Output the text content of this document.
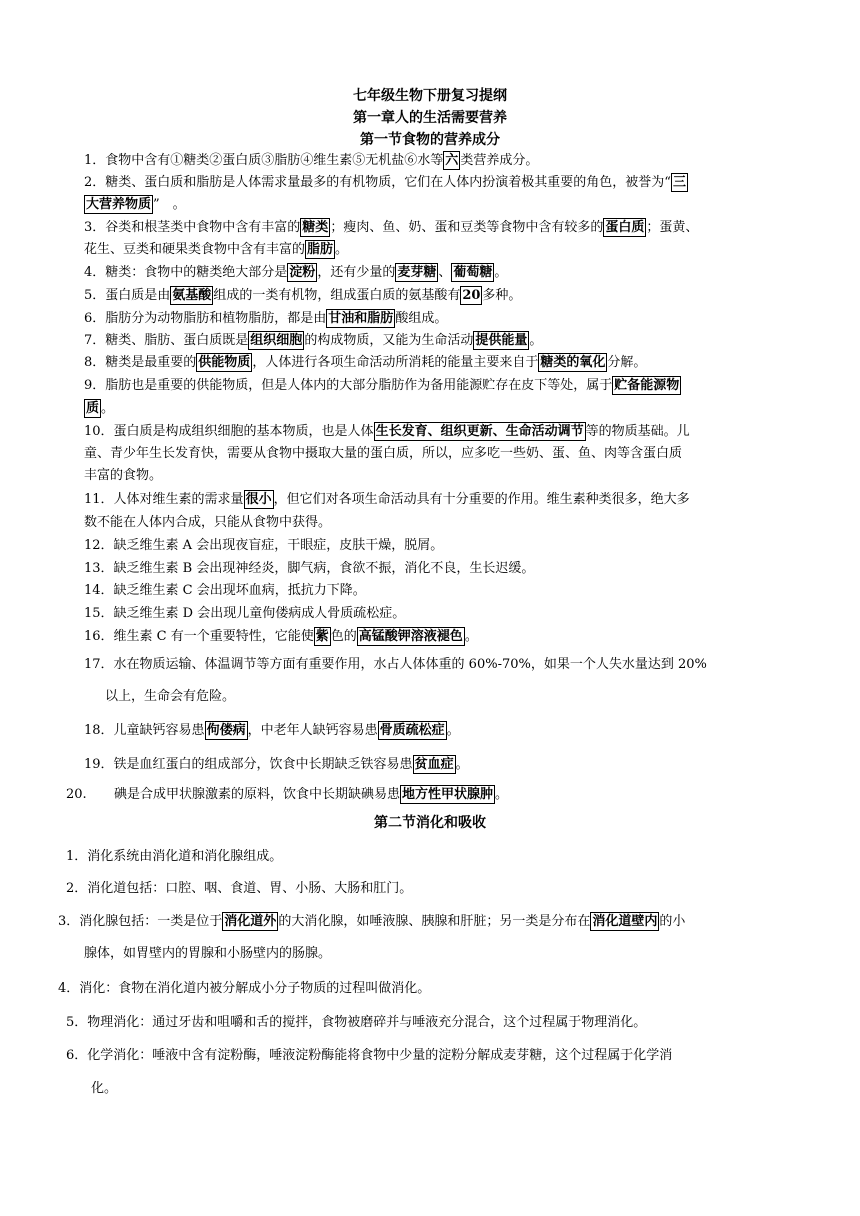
七年级生物下册复习提纲
第一章人的生活需要营养
第一节食物的营养成分
1．食物中含有①糖类②蛋白质③脂肪④维生素⑤无机盐⑥水等 六 类营养成分。
2．糖类、蛋白质和脂肪是人体需求量最多的有机物质，它们在人体内扮演着极其重要的角色，被誉为“ 三
大营养物质 ”　。
3．谷类和根茎类中食物中含有丰富的 糖类 ；瘦肉、鱼、奶、蛋和豆类等食物中含有较多的 蛋白质 ；蛋黄、
花生、豆类和硬果类食物中含有丰富的 脂肪 。
4．糖类：食物中的糖类绝大部分是 淀粉 ，还有少量的 麦芽糖 、 葡萄糖 。
5．蛋白质是由 氨基酸 组成的一类有机物，组成蛋白质的氨基酸有 20 多种。
6．脂肪分为动物脂肪和植物脂肪，都是由 甘油和脂肪 酸组成。
7．糖类、脂肪、蛋白质既是 组织细胞 的构成物质，又能为生命活动 提供能量 。
8．糖类是最重要的 供能物质 ，人体进行各项生命活动所消耗的能量主要来自于 糖类的氧化 分解。
9．脂肪也是重要的供能物质，但是人体内的大部分脂肪作为备用能源贮存在皮下等处，属于 贮备能源物
质 。
10．蛋白质是构成组织细胞的基本物质，也是人体 生长发育、组织更新、生命活动调节 等的物质基础。儿
童、青少年生长发育快，需要从食物中摄取大量的蛋白质，所以，应多吃一些奶、蛋、鱼、肉等含蛋白质
丰富的食物。
11．人体对维生素的需求量 很小 ，但它们对各项生命活动具有十分重要的作用。维生素种类很多，绝大多
数不能在人体内合成，只能从食物中获得。
12．缺乏维生素 A 会出现夜盲症，干眼症，皮肤干燥，脱屑。
13．缺乏维生素 B 会出现神经炎，脚气病，食欲不振，消化不良，生长迟缓。
14．缺乏维生素 C 会出现坏血病，抵抗力下降。
15．缺乏维生素 D 会出现儿童佝偻病成人骨质疏松症。
16．维生素 C 有一个重要特性，它能使 紫 色的 高锰酸钾溶液褪色 。
17．水在物质运输、体温调节等方面有重要作用，水占人体体重的 60%-70%，如果一个人失水量达到 20%
以上，生命会有危险。
18．儿童缺钙容易患 佝偻病 ，中老年人缺钙容易患 骨质疏松症 。
19．铁是血红蛋白的组成部分，饮食中长期缺乏铁容易患 贫血症 。
20. 碘是合成甲状腺激素的原料，饮食中长期缺碘易患 地方性甲状腺肿 。
第二节消化和吸收
1．消化系统由消化道和消化腺组成。
2．消化道包括：口腔、咽、食道、胃、小肠、大肠和肛门。
3．消化腺包括：一类是位于 消化道外 的大消化腺，如唾液腺、胰腺和肝脏；另一类是分布在 消化道壁内 的小
腺体，如胃壁内的胃腺和小肠壁内的肠腺。
4．消化：食物在消化道内被分解成小分子物质的过程叫做消化。
5．物理消化：通过牙齿和咀嚼和舌的搅拌，食物被磨碎并与唾液充分混合，这个过程属于物理消化。
6．化学消化：唾液中含有淀粉酶，唾液淀粉酶能将食物中少量的淀粉分解成麦芽糖，这个过程属于化学消
化。
